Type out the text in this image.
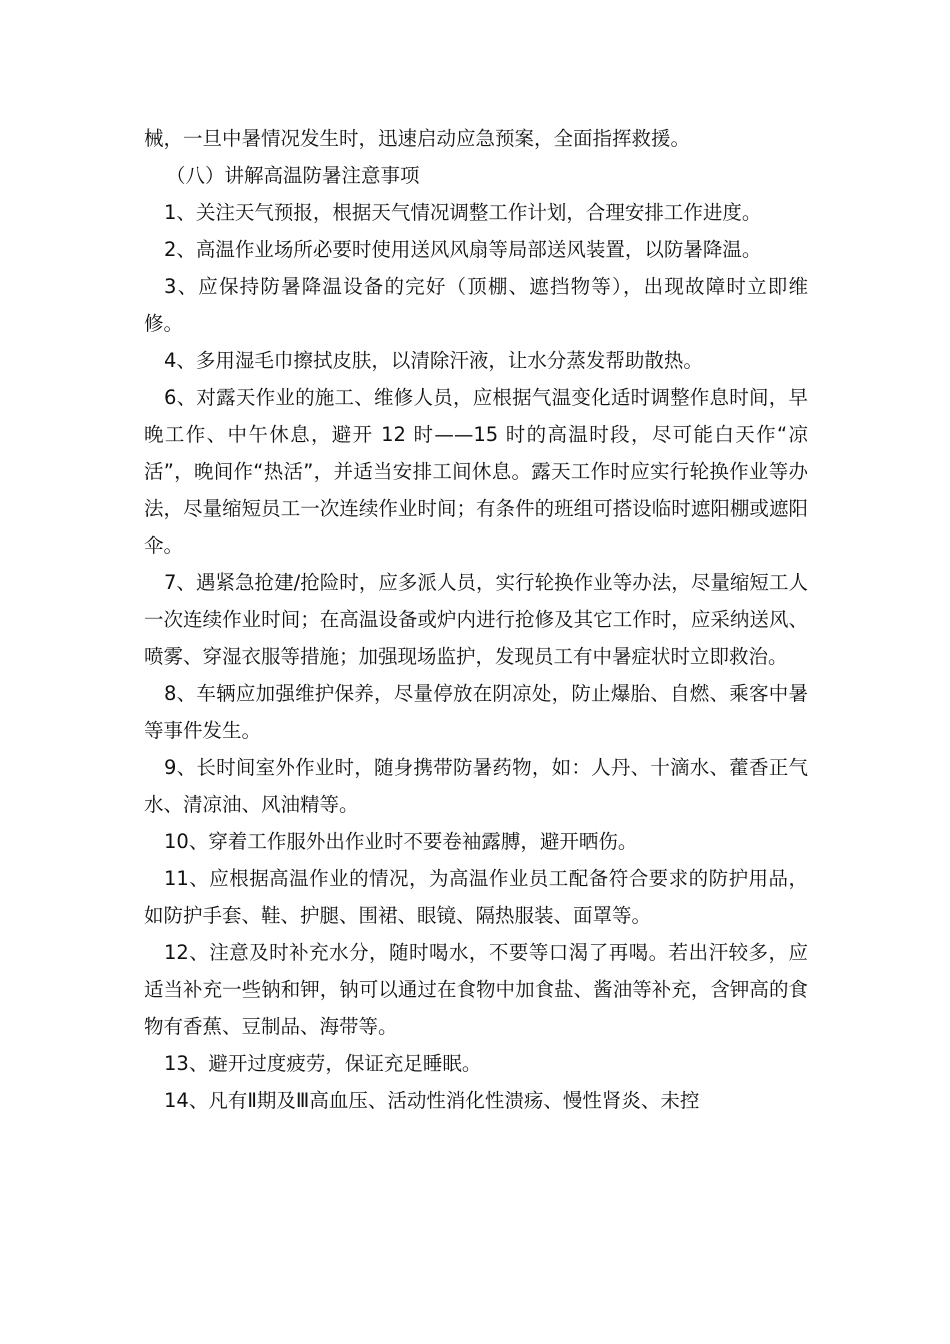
械，一旦中暑情况发生时，迅速启动应急预案，全面指挥救援。

（八）讲解高温防暑注意事项

1、关注天气预报，根据天气情况调整工作计划，合理安排工作进度。

2、高温作业场所必要时使用送风风扇等局部送风装置，以防暑降温。

3、应保持防暑降温设备的完好（顶棚、遮挡物等），出现故障时立即维修。

4、多用湿毛巾擦拭皮肤，以清除汗液，让水分蒸发帮助散热。

6、对露天作业的施工、维修人员，应根据气温变化适时调整作息时间，早晚工作、中午休息，避开 12 时——15 时的高温时段，尽可能白天作“凉活”，晚间作“热活”，并适当安排工间休息。露天工作时应实行轮换作业等办法，尽量缩短员工一次连续作业时间；有条件的班组可搭设临时遮阳棚或遮阳伞。

7、遇紧急抢建/抢险时，应多派人员，实行轮换作业等办法，尽量缩短工人一次连续作业时间；在高温设备或炉内进行抢修及其它工作时，应采纳送风、喷雾、穿湿衣服等措施；加强现场监护，发现员工有中暑症状时立即救治。

8、车辆应加强维护保养，尽量停放在阴凉处，防止爆胎、自燃、乘客中暑等事件发生。

9、长时间室外作业时，随身携带防暑药物，如：人丹、十滴水、藿香正气水、清凉油、风油精等。

10、穿着工作服外出作业时不要卷袖露膊，避开晒伤。

11、应根据高温作业的情况，为高温作业员工配备符合要求的防护用品，如防护手套、鞋、护腿、围裙、眼镜、隔热服装、面罩等。

12、注意及时补充水分，随时喝水，不要等口渴了再喝。若出汗较多，应适当补充一些钠和钾，钠可以通过在食物中加食盐、酱油等补充，含钾高的食物有香蕉、豆制品、海带等。

13、避开过度疲劳，保证充足睡眠。

14、凡有Ⅱ期及Ⅲ高血压、活动性消化性溃疡、慢性肾炎、未控
